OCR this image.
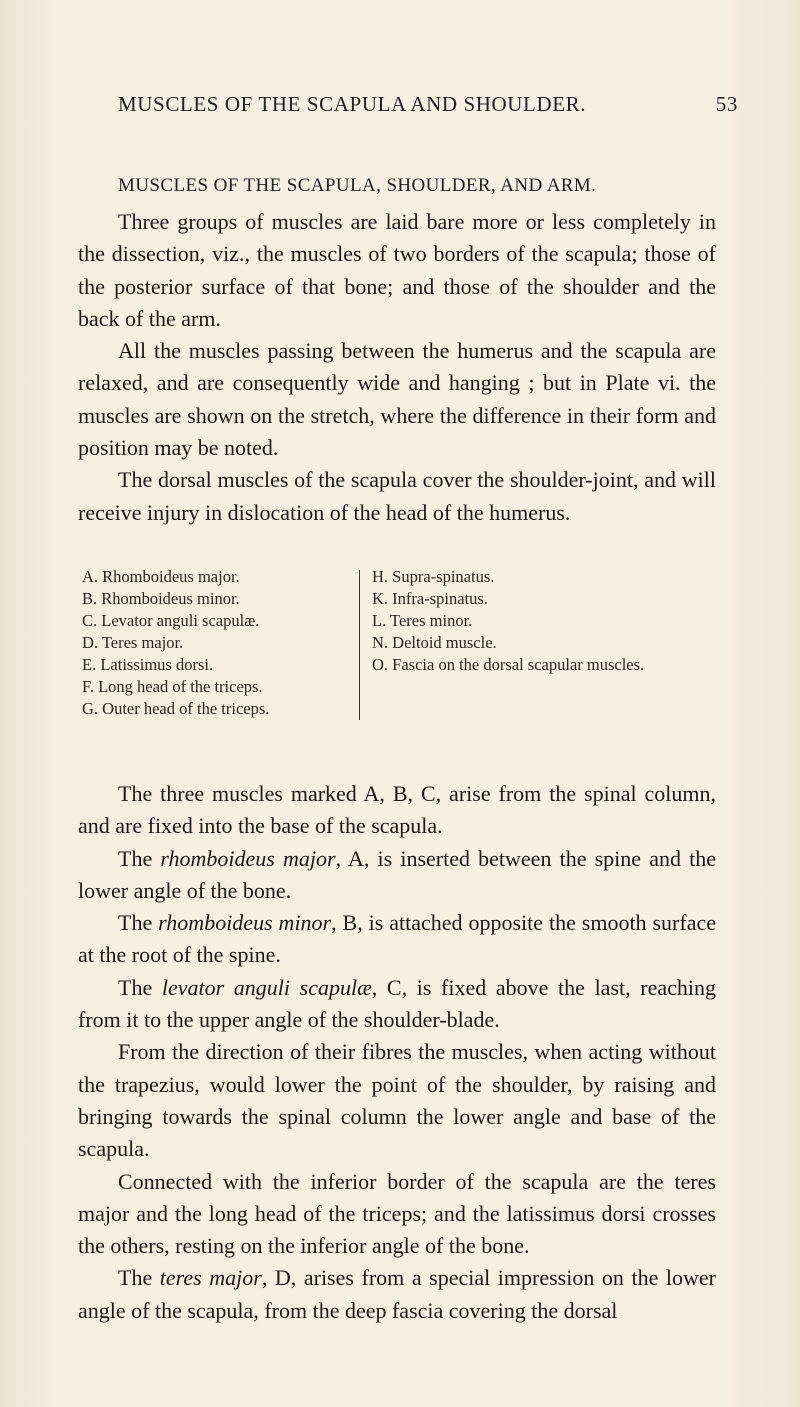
MUSCLES OF THE SCAPULA AND SHOULDER.	53
MUSCLES OF THE SCAPULA, SHOULDER, AND ARM.

Three groups of muscles are laid bare more or less completely in the dissection, viz., the muscles of two borders of the scapula; those of the posterior surface of that bone; and those of the shoulder and the back of the arm.

All the muscles passing between the humerus and the scapula are relaxed, and are consequently wide and hanging ; but in Plate vi. the muscles are shown on the stretch, where the difference in their form and position may be noted.

The dorsal muscles of the scapula cover the shoulder-joint, and will receive injury in dislocation of the head of the humerus.

A. Rhomboideus major.
B. Rhomboideus minor.
C. Levator anguli scapulæ.
D. Teres major.
E. Latissimus dorsi.
F. Long head of the triceps.
G. Outer head of the triceps.
H. Supra-spinatus.
K. Infra-spinatus.
L. Teres minor.
N. Deltoid muscle.
O. Fascia on the dorsal scapular muscles.

The three muscles marked A, B, C, arise from the spinal column, and are fixed into the base of the scapula.

The rhomboideus major, A, is inserted between the spine and the lower angle of the bone.

The rhomboideus minor, B, is attached opposite the smooth surface at the root of the spine.

The levator anguli scapulæ, C, is fixed above the last, reaching from it to the upper angle of the shoulder-blade.

From the direction of their fibres the muscles, when acting without the trapezius, would lower the point of the shoulder, by raising and bringing towards the spinal column the lower angle and base of the scapula.

Connected with the inferior border of the scapula are the teres major and the long head of the triceps; and the latissimus dorsi crosses the others, resting on the inferior angle of the bone.

The teres major, D, arises from a special impression on the lower angle of the scapula, from the deep fascia covering the dorsal
